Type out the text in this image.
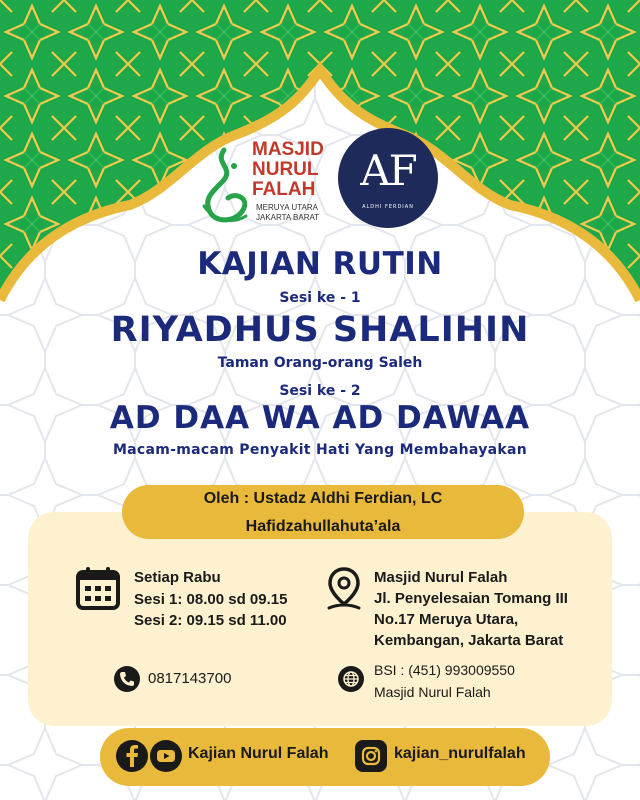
MASJID
NURUL
FALAH
MERUYA UTARA
JAKARTA BARAT
AF
ALDHI FERDIAN
KAJIAN RUTIN
Sesi ke - 1
RIYADHUS SHALIHIN
Taman Orang-orang Saleh
Sesi ke - 2
AD DAA WA AD DAWAA
Macam-macam Penyakit Hati Yang Membahayakan
Oleh : Ustadz Aldhi Ferdian, LC
Hafidzahullahuta’ala
Setiap Rabu
Sesi 1: 08.00 sd 09.15
Sesi 2: 09.15 sd 11.00
Masjid Nurul Falah
Jl. Penyelesaian Tomang III
No.17 Meruya Utara,
Kembangan, Jakarta Barat
0817143700	BSI : (451) 993009550
Masjid Nurul Falah
Kajian Nurul Falah	kajian_nurulfalah
